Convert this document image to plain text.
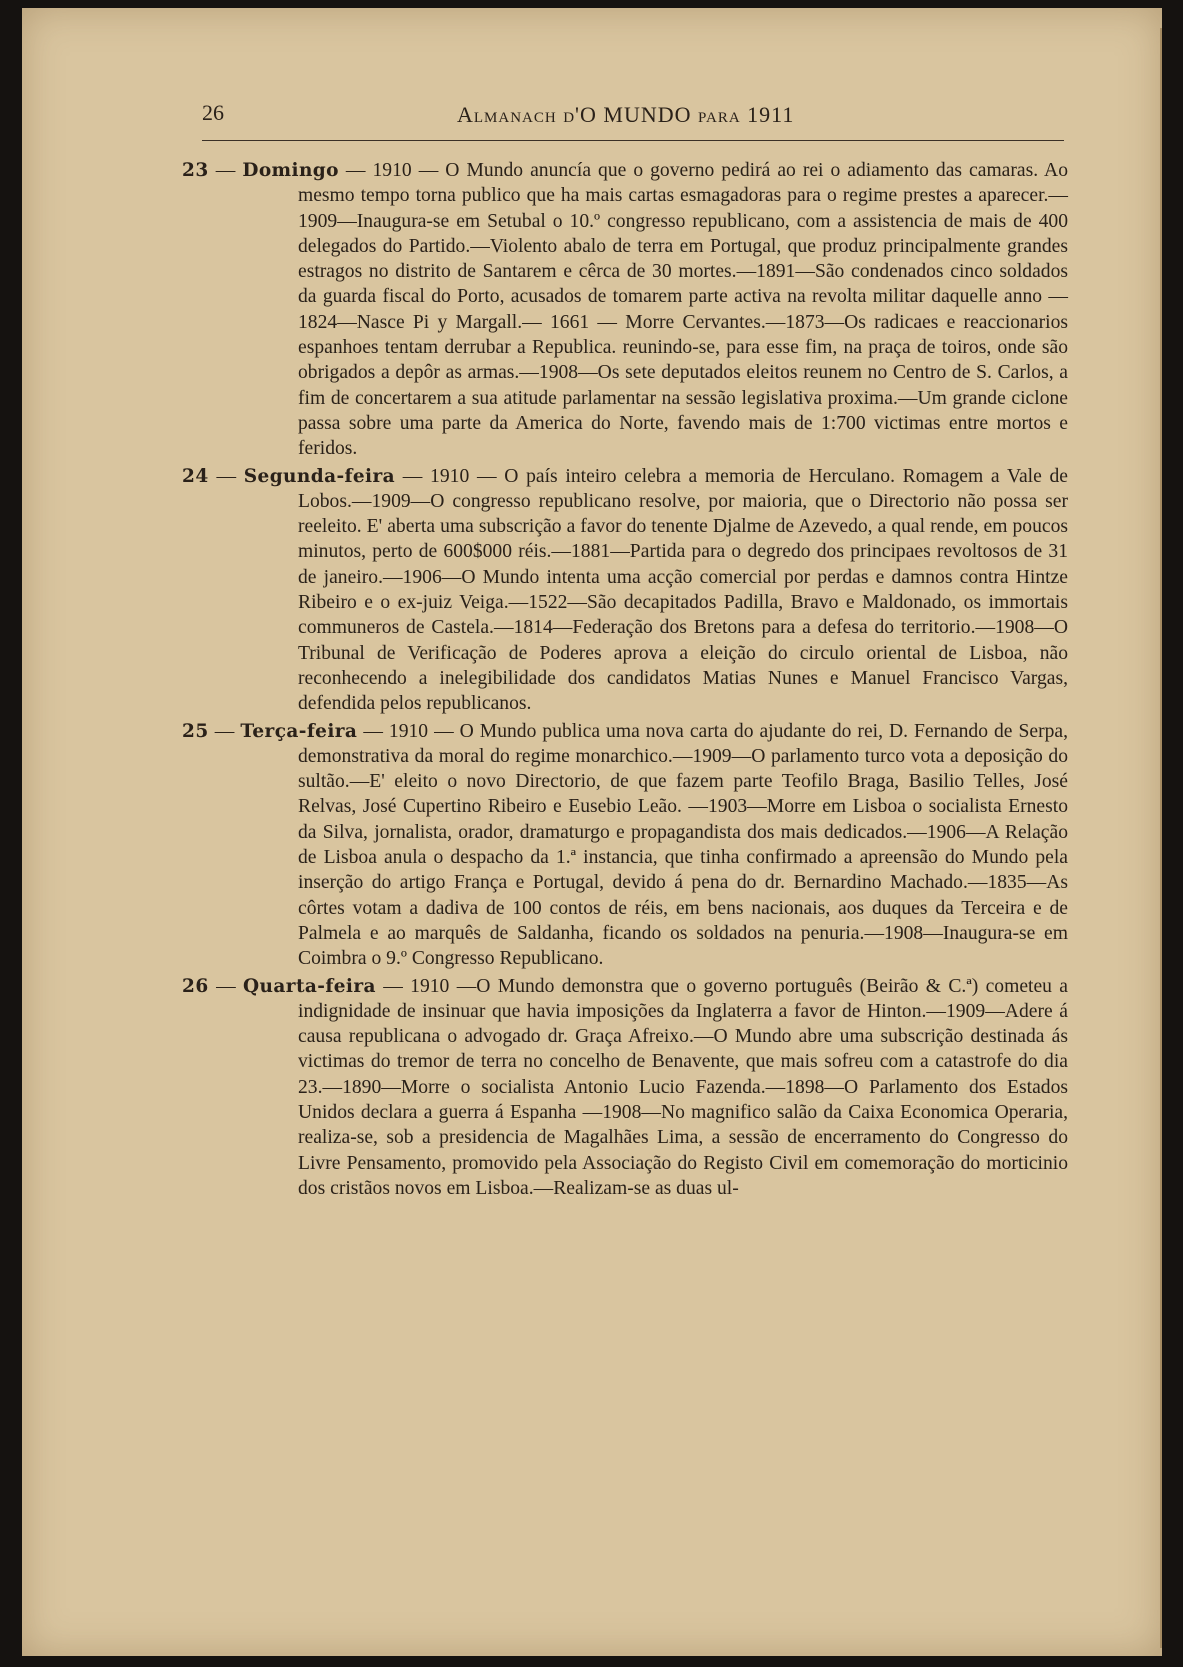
26	Almanach d'O MUNDO para 1911

23 — Domingo — 1910 — O Mundo anuncía que o governo pedirá ao rei o adiamento das camaras. Ao mesmo tempo torna publico que ha mais cartas esmagadoras para o regime prestes a aparecer.—1909—Inaugura-se em Setubal o 10.º congresso republicano, com a assistencia de mais de 400 delegados do Partido.—Violento abalo de terra em Portugal, que produz principalmente grandes estragos no distrito de Santarem e cêrca de 30 mortes.—1891—São condenados cinco soldados da guarda fiscal do Porto, acusados de tomarem parte activa na revolta militar daquelle anno —1824—Nasce Pi y Margall.— 1661 — Morre Cervantes.—1873—Os radicaes e reaccionarios espanhoes tentam derrubar a Republica. reunindo-se, para esse fim, na praça de toiros, onde são obrigados a depôr as armas.—1908—Os sete deputados eleitos reunem no Centro de S. Carlos, a fim de concertarem a sua atitude parlamentar na sessão legislativa proxima.—Um grande ciclone passa sobre uma parte da America do Norte, favendo mais de 1:700 victimas entre mortos e feridos.

24 — Segunda-feira — 1910 — O país inteiro celebra a memoria de Herculano. Romagem a Vale de Lobos.—1909—O congresso republicano resolve, por maioria, que o Directorio não possa ser reeleito. E' aberta uma subscrição a favor do tenente Djalme de Azevedo, a qual rende, em poucos minutos, perto de 600$000 réis.—1881—Partida para o degredo dos principaes revoltosos de 31 de janeiro.—1906—O Mundo intenta uma acção comercial por perdas e damnos contra Hintze Ribeiro e o ex-juiz Veiga.—1522—São decapitados Padilla, Bravo e Maldonado, os immortais communeros de Castela.—1814—Federação dos Bretons para a defesa do territorio.—1908—O Tribunal de Verificação de Poderes aprova a eleição do circulo oriental de Lisboa, não reconhecendo a inelegibilidade dos candidatos Matias Nunes e Manuel Francisco Vargas, defendida pelos republicanos.

25 — Terça-feira — 1910 — O Mundo publica uma nova carta do ajudante do rei, D. Fernando de Serpa, demonstrativa da moral do regime monarchico.—1909—O parlamento turco vota a deposição do sultão.—E' eleito o novo Directorio, de que fazem parte Teofilo Braga, Basilio Telles, José Relvas, José Cupertino Ribeiro e Eusebio Leão. —1903—Morre em Lisboa o socialista Ernesto da Silva, jornalista, orador, dramaturgo e propagandista dos mais dedicados.—1906—A Relação de Lisboa anula o despacho da 1.ª instancia, que tinha confirmado a apreensão do Mundo pela inserção do artigo França e Portugal, devido á pena do dr. Bernardino Machado.—1835—As côrtes votam a dadiva de 100 contos de réis, em bens nacionais, aos duques da Terceira e de Palmela e ao marquês de Saldanha, ficando os soldados na penuria.—1908—Inaugura-se em Coimbra o 9.º Congresso Republicano.

26 — Quarta-feira — 1910 —O Mundo demonstra que o governo português (Beirão & C.ª) cometeu a indignidade de insinuar que havia imposições da Inglaterra a favor de Hinton.—1909—Adere á causa republicana o advogado dr. Graça Afreixo.—O Mundo abre uma subscrição destinada ás victimas do tremor de terra no concelho de Benavente, que mais sofreu com a catastrofe do dia 23.—1890—Morre o socialista Antonio Lucio Fazenda.—1898—O Parlamento dos Estados Unidos declara a guerra á Espanha —1908—No magnifico salão da Caixa Economica Operaria, realiza-se, sob a presidencia de Magalhães Lima, a sessão de encerramento do Congresso do Livre Pensamento, promovido pela Associação do Registo Civil em comemoração do morticinio dos cristãos novos em Lisboa.—Realizam-se as duas ul-
